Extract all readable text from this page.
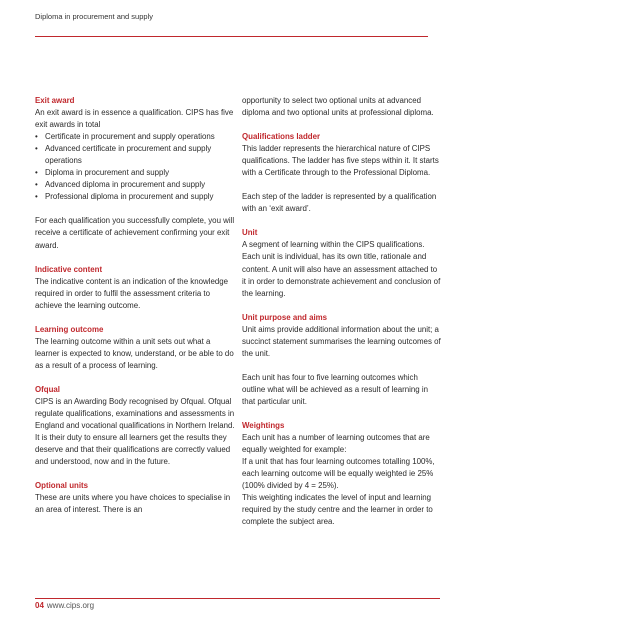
Diploma in procurement and supply
Exit award
An exit award is in essence a qualification. CIPS has five exit awards in total
• Certificate in procurement and supply operations
• Advanced certificate in procurement and supply operations
• Diploma in procurement and supply
• Advanced diploma in procurement and supply
• Professional diploma in procurement and supply
For each qualification you successfully complete, you will receive a certificate of achievement confirming your exit award.
Indicative content
The indicative content is an indication of the knowledge required in order to fulfil the assessment criteria to achieve the learning outcome.
Learning outcome
The learning outcome within a unit sets out what a learner is expected to know, understand, or be able to do as a result of a process of learning.
Ofqual
CIPS is an Awarding Body recognised by Ofqual. Ofqual regulate qualifications, examinations and assessments in England and vocational qualifications in Northern Ireland. It is their duty to ensure all learners get the results they deserve and that their qualifications are correctly valued and understood, now and in the future.
Optional units
These are units where you have choices to specialise in an area of interest. There is an
opportunity to select two optional units at advanced diploma and two optional units at professional diploma.
Qualifications ladder
This ladder represents the hierarchical nature of CIPS qualifications. The ladder has five steps within it. It starts with a Certificate through to the Professional Diploma.
Each step of the ladder is represented by a qualification with an ‘exit award’.
Unit
A segment of learning within the CIPS qualifications. Each unit is individual, has its own title, rationale and content. A unit will also have an assessment attached to it in order to demonstrate achievement and conclusion of the learning.
Unit purpose and aims
Unit aims provide additional information about the unit; a succinct statement summarises the learning outcomes of the unit.
Each unit has four to five learning outcomes which outline what will be achieved as a result of learning in that particular unit.
Weightings
Each unit has a number of learning outcomes that are equally weighted for example:
If a unit that has four learning outcomes totalling 100%, each learning outcome will be equally weighted ie 25%
(100% divided by 4 = 25%).
This weighting indicates the level of input and learning required by the study centre and the learner in order to complete the subject area.
04 www.cips.org
